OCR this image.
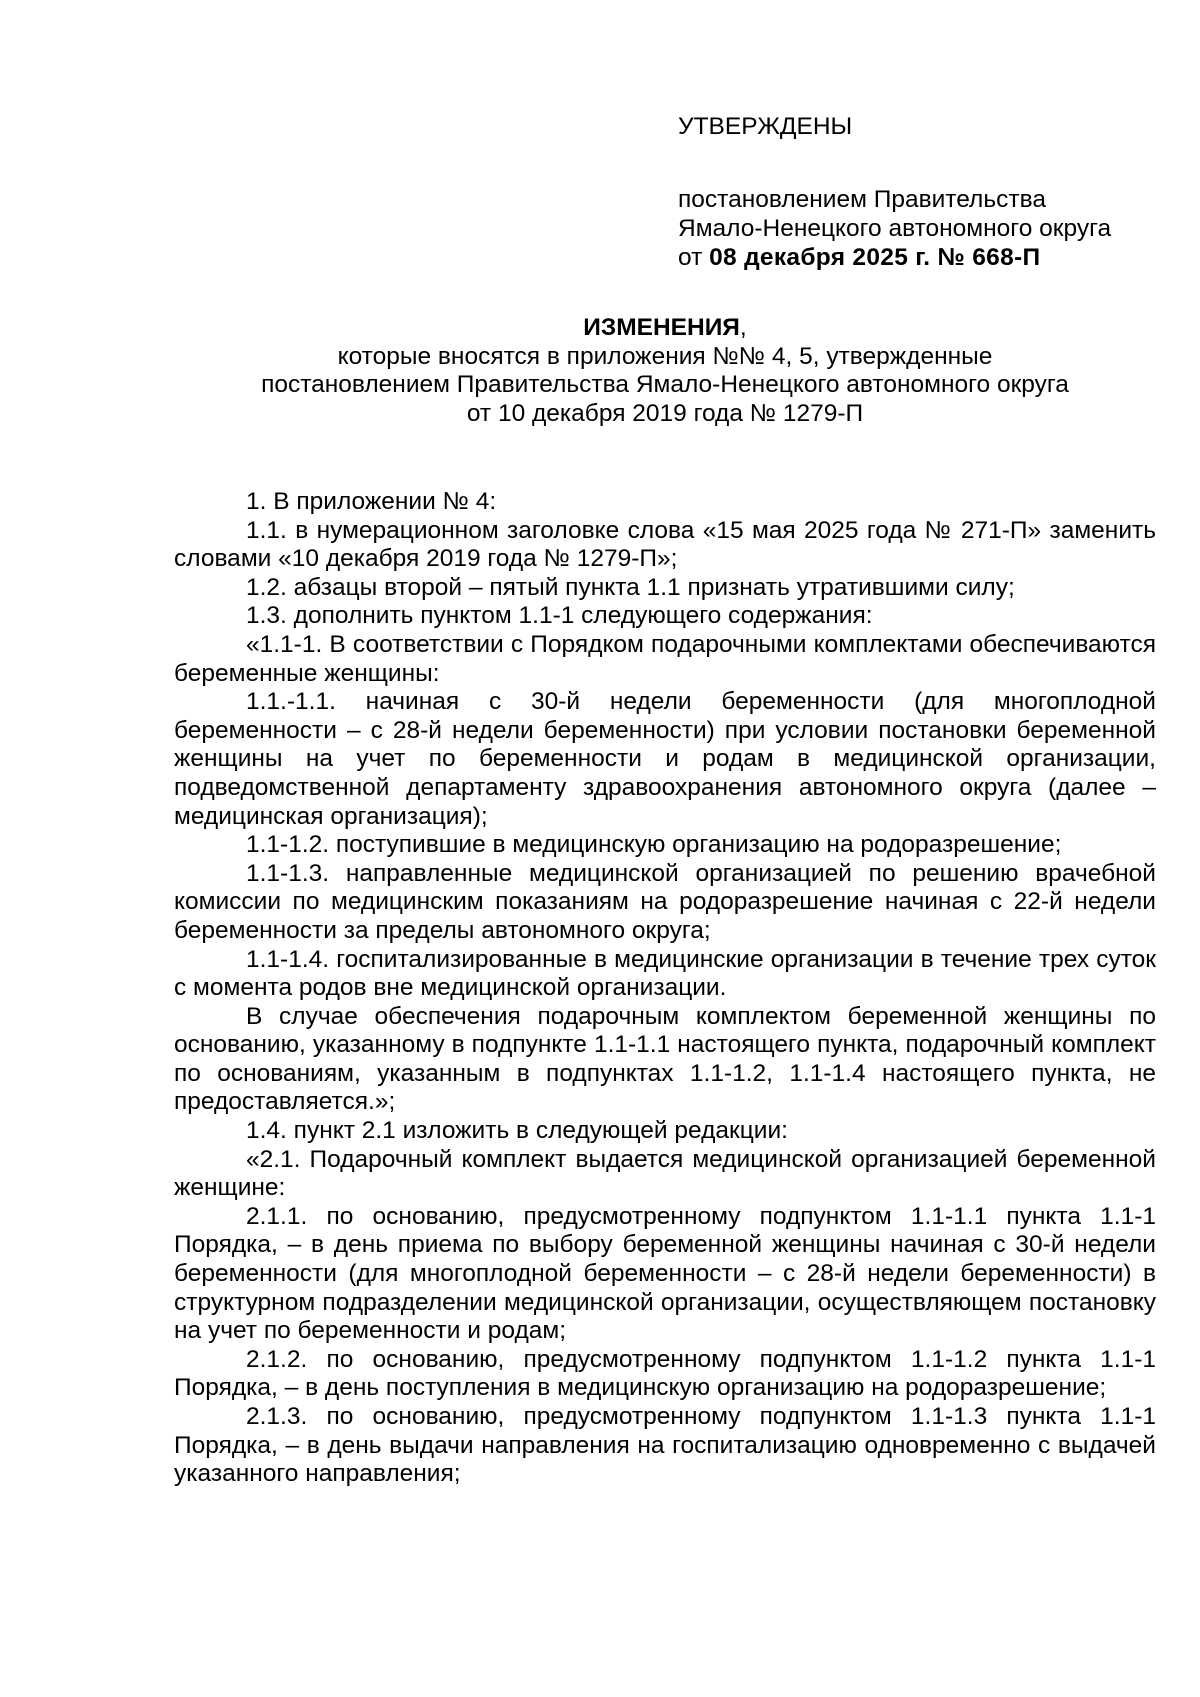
УТВЕРЖДЕНЫ
постановлением Правительства
Ямало-Ненецкого автономного округа
от 08 декабря 2025 г. № 668-П
ИЗМЕНЕНИЯ,
которые вносятся в приложения №№ 4, 5, утвержденные
постановлением Правительства Ямало-Ненецкого автономного округа
от 10 декабря 2019 года № 1279-П

1. В приложении № 4:

1.1. в нумерационном заголовке слова «15 мая 2025 года № 271-П» заменить словами «10 декабря 2019 года № 1279-П»;

1.2. абзацы второй – пятый пункта 1.1 признать утратившими силу;

1.3. дополнить пунктом 1.1-1 следующего содержания:

«1.1-1. В соответствии с Порядком подарочными комплектами обеспечиваются беременные женщины:

1.1.-1.1. начиная с 30-й недели беременности (для многоплодной беременности – с 28-й недели беременности) при условии постановки беременной женщины на учет по беременности и родам в медицинской организации, подведомственной департаменту здравоохранения автономного округа (далее – медицинская организация);

1.1-1.2. поступившие в медицинскую организацию на родоразрешение;

1.1-1.3. направленные медицинской организацией по решению врачебной комиссии по медицинским показаниям на родоразрешение начиная с 22-й недели беременности за пределы автономного округа;

1.1-1.4. госпитализированные в медицинские организации в течение трех суток с момента родов вне медицинской организации.

В случае обеспечения подарочным комплектом беременной женщины по основанию, указанному в подпункте 1.1-1.1 настоящего пункта, подарочный комплект по основаниям, указанным в подпунктах 1.1-1.2, 1.1-1.4 настоящего пункта, не предоставляется.»;

1.4. пункт 2.1 изложить в следующей редакции:

«2.1. Подарочный комплект выдается медицинской организацией беременной женщине:

2.1.1. по основанию, предусмотренному подпунктом 1.1-1.1 пункта 1.1-1 Порядка, – в день приема по выбору беременной женщины начиная с 30-й недели беременности (для многоплодной беременности – с 28-й недели беременности) в структурном подразделении медицинской организации, осуществляющем постановку на учет по беременности и родам;

2.1.2. по основанию, предусмотренному подпунктом 1.1-1.2 пункта 1.1-1 Порядка, – в день поступления в медицинскую организацию на родоразрешение;

2.1.3. по основанию, предусмотренному подпунктом 1.1-1.3 пункта 1.1-1 Порядка, – в день выдачи направления на госпитализацию одновременно с выдачей указанного направления;
